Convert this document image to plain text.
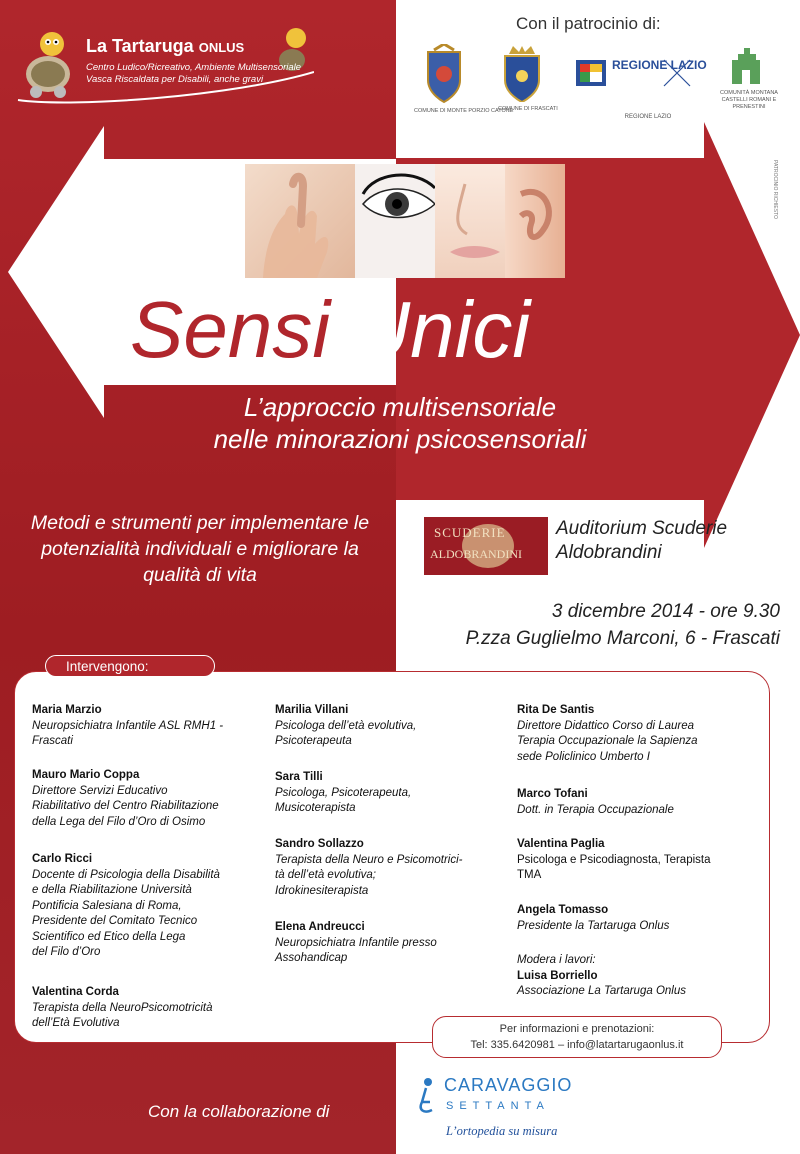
La Tartaruga ONLUS
Centro Ludico/Ricreativo, Ambiente Multisensoriale
Vasca Riscaldata per Disabili, anche gravi
Con il patrocinio di:
COMUNE DI MONTE PORZIO CATONE
COMUNE DI FRASCATI
REGIONE LAZIO
REGIONE LAZIO
COMUNITÀ MONTANA CASTELLI ROMANI E PRENESTINI
PATROCINIO RICHIESTO
Sensi Unici
L’approccio multisensoriale
nelle minorazioni psicosensoriali
Metodi e strumenti per implementare le potenzialità individuali e migliorare la qualità di vita
SCUDERIE
ALDOBRANDINI
Auditorium Scuderie
Aldobrandini
3 dicembre 2014 - ore 9.30
P.zza Guglielmo Marconi, 6 - Frascati
Intervengono:
Maria Marzio
Neuropsichiatra Infantile ASL RMH1 -
Frascati
Mauro Mario Coppa
Direttore Servizi Educativo
Riabilitativo del Centro Riabilitazione
della Lega del Filo d’Oro di Osimo
Carlo Ricci
Docente di Psicologia della Disabilità
e della Riabilitazione Università
Pontificia Salesiana di Roma,
Presidente del Comitato Tecnico
Scientifico ed Etico della Lega
del Filo d’Oro
Valentina Corda
Terapista della NeuroPsicomotricità
dell’Età Evolutiva
Marilia Villani
Psicologa dell’età evolutiva,
Psicoterapeuta
Sara Tilli
Psicologa, Psicoterapeuta,
Musicoterapista
Sandro Sollazzo
Terapista della Neuro e Psicomotrici-
tà dell’età evolutiva;
Idrokinesiterapista
Elena Andreucci
Neuropsichiatra Infantile presso
Assohandicap
Rita De Santis
Direttore Didattico Corso di Laurea
Terapia Occupazionale la Sapienza
sede Policlinico Umberto I
Marco Tofani
Dott. in Terapia Occupazionale
Valentina Paglia
Psicologa e Psicodiagnosta, Terapista
TMA
Angela Tomasso
Presidente la Tartaruga Onlus
Modera i lavori:
Luisa Borriello
Associazione La Tartaruga Onlus
Per informazioni e prenotazioni:
Tel: 335.6420981 – info@latartarugaonlus.it
Con la collaborazione di
CARAVAGGIO
SETTANTA
L’ortopedia su misura
